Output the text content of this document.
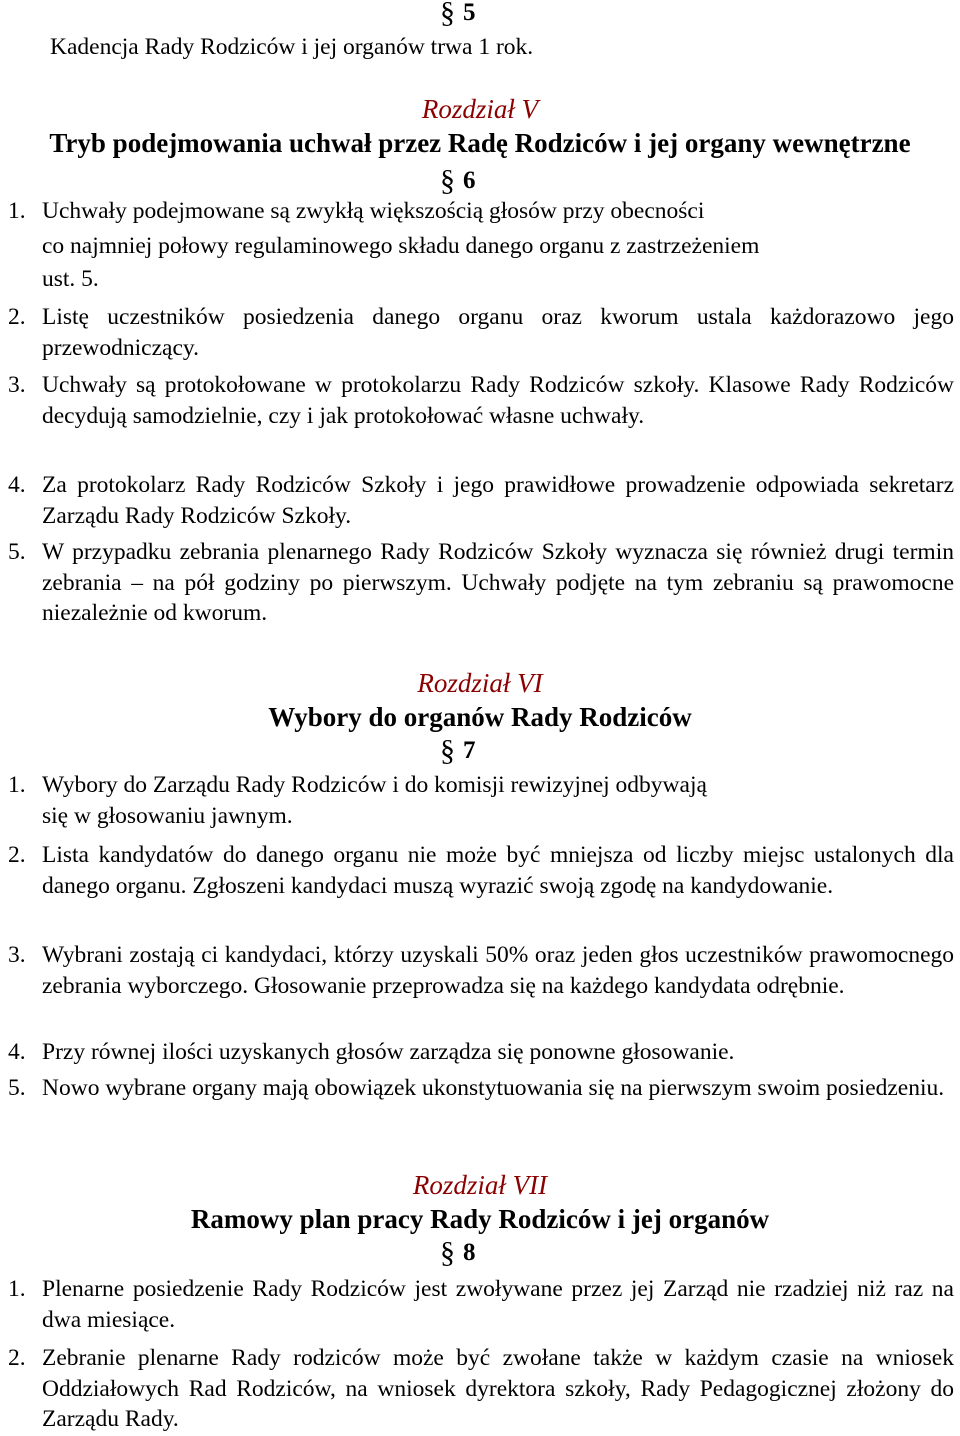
§ 5
Kadencja Rady Rodziców i jej organów trwa 1 rok.
Rozdział V
Tryb podejmowania uchwał przez Radę Rodziców i jej organy wewnętrzne
§ 6
1. Uchwały podejmowane są zwykłą większością głosów przy obecności
co najmniej połowy regulaminowego składu danego organu z zastrzeżeniem
ust. 5.
2. Listę uczestników posiedzenia danego organu oraz kworum ustala każdorazowo jego przewodniczący.
3. Uchwały są protokołowane w protokolarzu Rady Rodziców szkoły. Klasowe Rady Rodziców decydują samodzielnie, czy i jak protokołować własne uchwały.
4. Za protokolarz Rady Rodziców Szkoły i jego prawidłowe prowadzenie odpowiada sekretarz Zarządu Rady Rodziców Szkoły.
5. W przypadku zebrania plenarnego Rady Rodziców Szkoły wyznacza się również drugi termin zebrania – na pół godziny po pierwszym. Uchwały podjęte na tym zebraniu są prawomocne niezależnie od kworum.
Rozdział VI
Wybory do organów Rady Rodziców
§ 7
1. Wybory do Zarządu Rady Rodziców i do komisji rewizyjnej odbywają
się w głosowaniu jawnym.
2. Lista kandydatów do danego organu nie może być mniejsza od liczby miejsc ustalonych dla danego organu. Zgłoszeni kandydaci muszą wyrazić swoją zgodę na kandydowanie.
3. Wybrani zostają ci kandydaci, którzy uzyskali 50% oraz jeden głos uczestników prawomocnego zebrania wyborczego. Głosowanie przeprowadza się na każdego kandydata odrębnie.
4. Przy równej ilości uzyskanych głosów zarządza się ponowne głosowanie.
5. Nowo wybrane organy mają obowiązek ukonstytuowania się na pierwszym swoim posiedzeniu.
Rozdział VII
Ramowy plan pracy Rady Rodziców i jej organów
§ 8
1. Plenarne posiedzenie Rady Rodziców jest zwoływane przez jej Zarząd nie rzadziej niż raz na dwa miesiące.
2. Zebranie plenarne Rady rodziców może być zwołane także w każdym czasie na wniosek Oddziałowych Rad Rodziców, na wniosek dyrektora szkoły, Rady Pedagogicznej złożony do Zarządu Rady.
